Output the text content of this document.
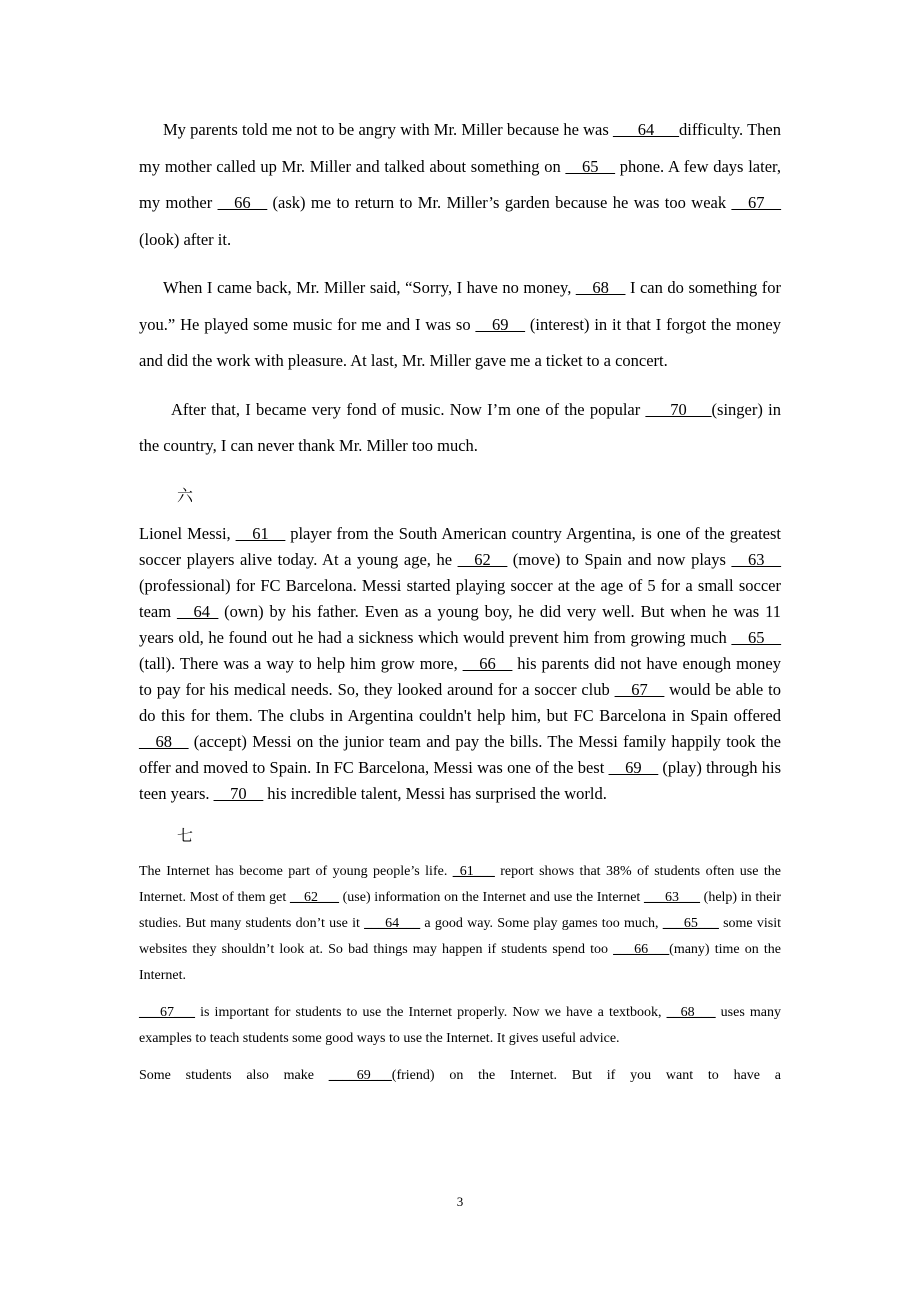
My parents told me not to be angry with Mr. Miller because he was ___64___difficulty. Then my mother called up Mr. Miller and talked about something on __65__ phone. A few days later, my mother __66__ (ask) me to return to Mr. Miller’s garden because he was too weak __67__ (look) after it.

When I came back, Mr. Miller said, “Sorry, I have no money, __68__ I can do something for you.” He played some music for me and I was so __69__ (interest) in it that I forgot the money and did the work with pleasure. At last, Mr. Miller gave me a ticket to a concert.

After that, I became very fond of music. Now I’m one of the popular ___70___(singer) in the country, I can never thank Mr. Miller too much.

六

Lionel Messi, __61__ player from the South American country Argentina, is one of the greatest soccer players alive today. At a young age, he __62__ (move) to Spain and now plays __63__ (professional) for FC Barcelona. Messi started playing soccer at the age of 5 for a small soccer team __64_ (own) by his father. Even as a young boy, he did very well. But when he was 11 years old, he found out he had a sickness which would prevent him from growing much __65__ (tall). There was a way to help him grow more, __66__ his parents did not have enough money to pay for his medical needs. So, they looked around for a soccer club __67__ would be able to do this for them. The clubs in Argentina couldn't help him, but FC Barcelona in Spain offered __68__ (accept) Messi on the junior team and pay the bills. The Messi family happily took the offer and moved to Spain. In FC Barcelona, Messi was one of the best __69__ (play) through his teen years. __70__ his incredible talent, Messi has surprised the world.

七

The Internet has become part of young people’s life. _61___ report shows that 38% of students often use the Internet. Most of them get __62___ (use) information on the Internet and use the Internet ___63___ (help) in their studies. But many students don’t use it ___64___ a good way. Some play games too much, ___65___ some visit websites they shouldn’t look at. So bad things may happen if students spend too ___66___(many) time on the Internet.

___67___ is important for students to use the Internet properly. Now we have a textbook, __68___ uses many examples to teach students some good ways to use the Internet. It gives useful advice.

Some students also make ____69___(friend) on the Internet. But if you want to have a

3
